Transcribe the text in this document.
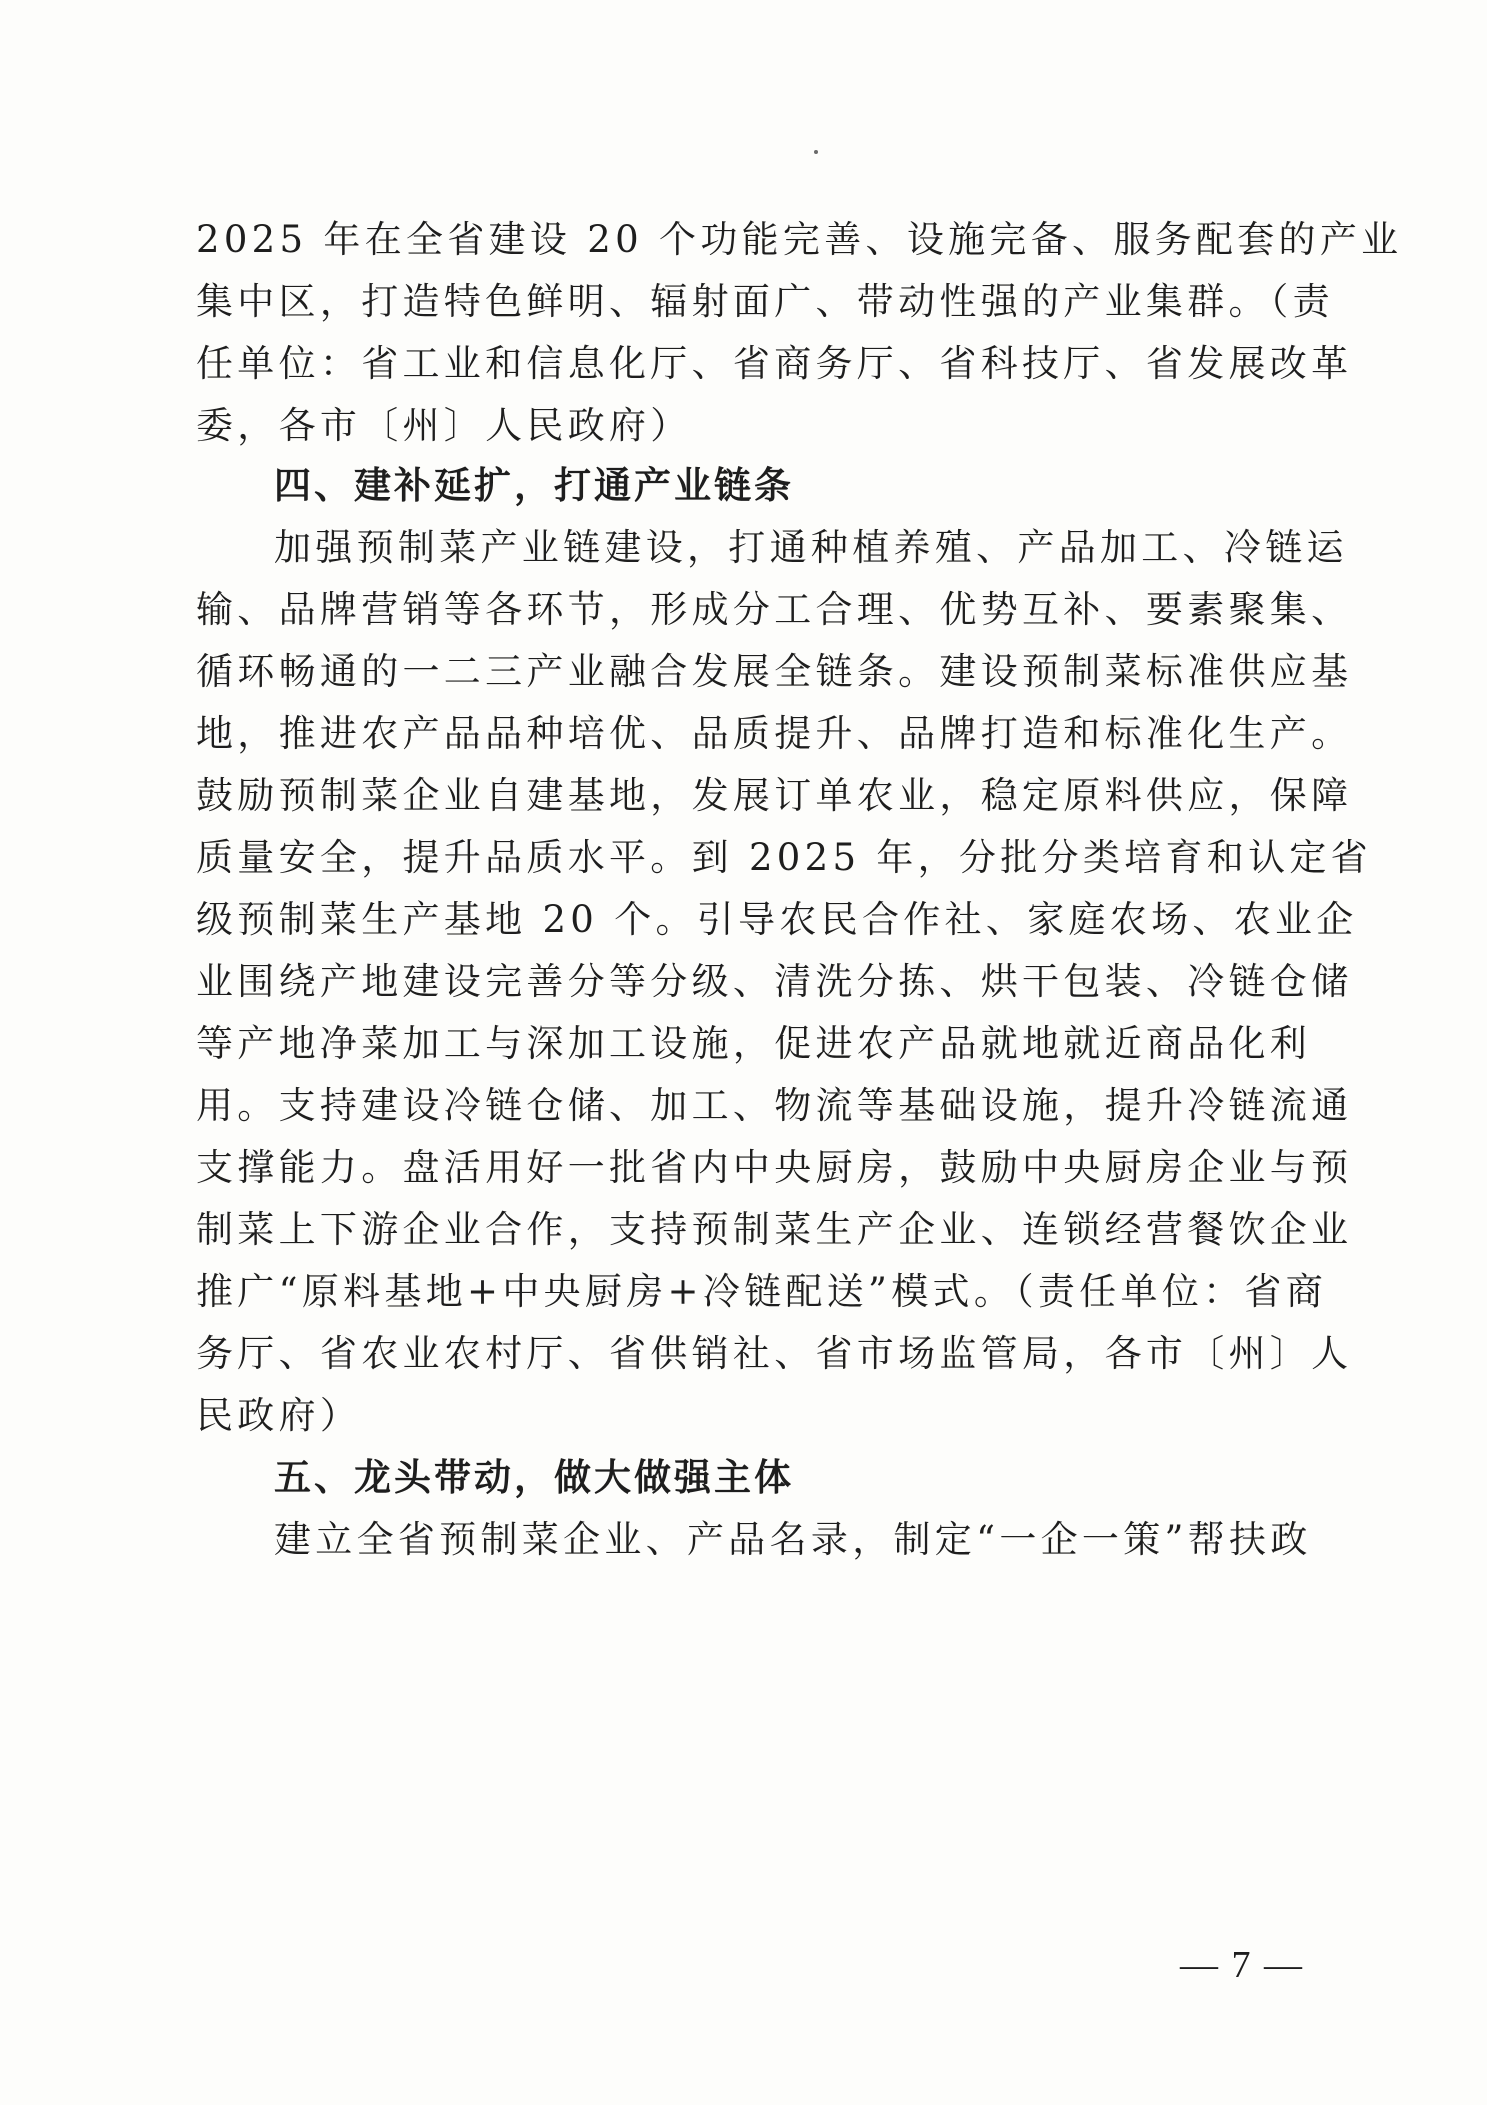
2025 年在全省建设 20 个功能完善、设施完备、服务配套的产业
集中区，打造特色鲜明、辐射面广、带动性强的产业集群。（责
任单位：省工业和信息化厅、省商务厅、省科技厅、省发展改革
委，各市〔州〕人民政府）
四、建补延扩，打通产业链条
加强预制菜产业链建设，打通种植养殖、产品加工、冷链运
输、品牌营销等各环节，形成分工合理、优势互补、要素聚集、
循环畅通的一二三产业融合发展全链条。建设预制菜标准供应基
地，推进农产品品种培优、品质提升、品牌打造和标准化生产。
鼓励预制菜企业自建基地，发展订单农业，稳定原料供应，保障
质量安全，提升品质水平。到 2025 年，分批分类培育和认定省
级预制菜生产基地 20 个。引导农民合作社、家庭农场、农业企
业围绕产地建设完善分等分级、清洗分拣、烘干包装、冷链仓储
等产地净菜加工与深加工设施，促进农产品就地就近商品化利
用。支持建设冷链仓储、加工、物流等基础设施，提升冷链流通
支撑能力。盘活用好一批省内中央厨房，鼓励中央厨房企业与预
制菜上下游企业合作，支持预制菜生产企业、连锁经营餐饮企业
推广“原料基地+中央厨房+冷链配送”模式。（责任单位：省商
务厅、省农业农村厅、省供销社、省市场监管局，各市〔州〕人
民政府）
五、龙头带动，做大做强主体
建立全省预制菜企业、产品名录，制定“一企一策”帮扶政
— 7 —
